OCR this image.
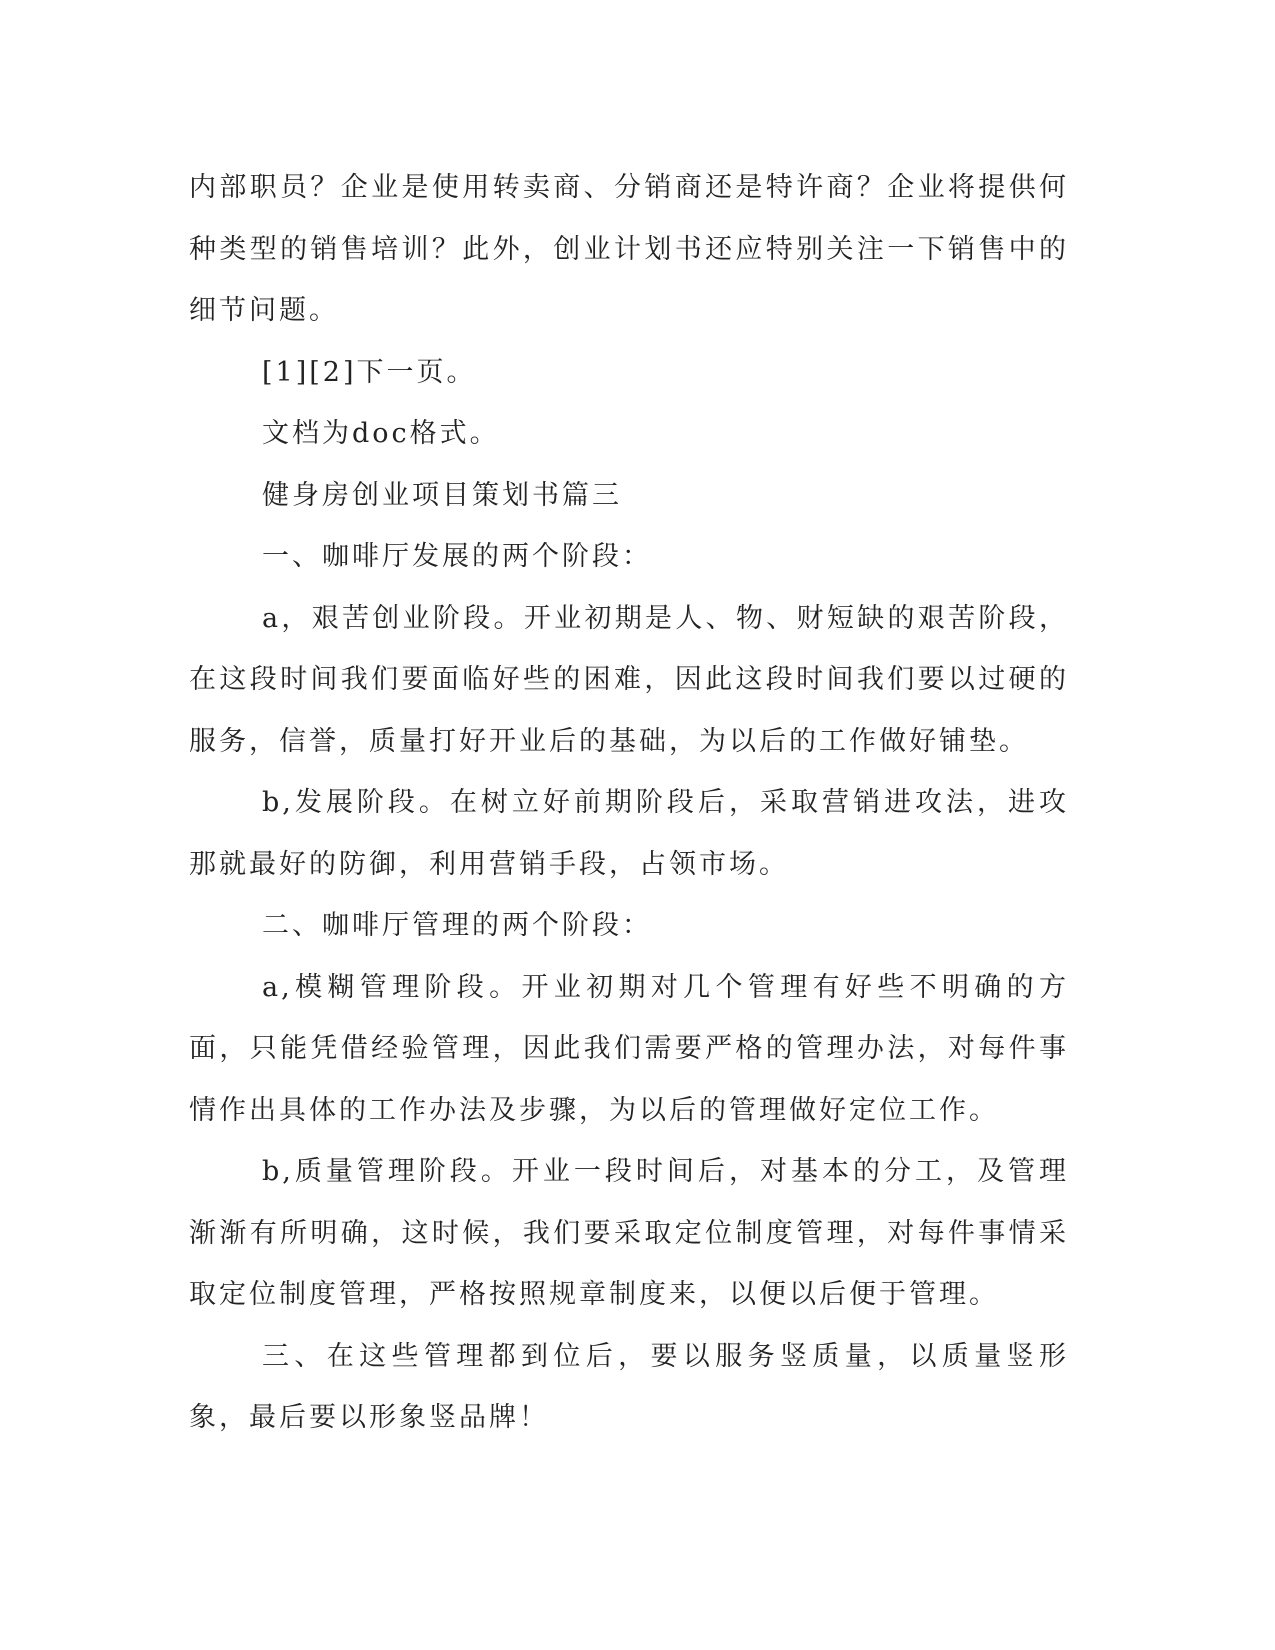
内部职员？企业是使用转卖商、分销商还是特许商？企业将提供何种类型的销售培训？此外，创业计划书还应特别关注一下销售中的细节问题。

[1][2]下一页。

文档为doc格式。

健身房创业项目策划书篇三

一、咖啡厅发展的两个阶段：

a，艰苦创业阶段。开业初期是人、物、财短缺的艰苦阶段，在这段时间我们要面临好些的困难，因此这段时间我们要以过硬的服务，信誉，质量打好开业后的基础，为以后的工作做好铺垫。

b,发展阶段。在树立好前期阶段后，采取营销进攻法，进攻那就最好的防御，利用营销手段，占领市场。

二、咖啡厅管理的两个阶段：

a,模糊管理阶段。开业初期对几个管理有好些不明确的方面，只能凭借经验管理，因此我们需要严格的管理办法，对每件事情作出具体的工作办法及步骤，为以后的管理做好定位工作。

b,质量管理阶段。开业一段时间后，对基本的分工，及管理渐渐有所明确，这时候，我们要采取定位制度管理，对每件事情采取定位制度管理，严格按照规章制度来，以便以后便于管理。

三、在这些管理都到位后，要以服务竖质量，以质量竖形象，最后要以形象竖品牌！
